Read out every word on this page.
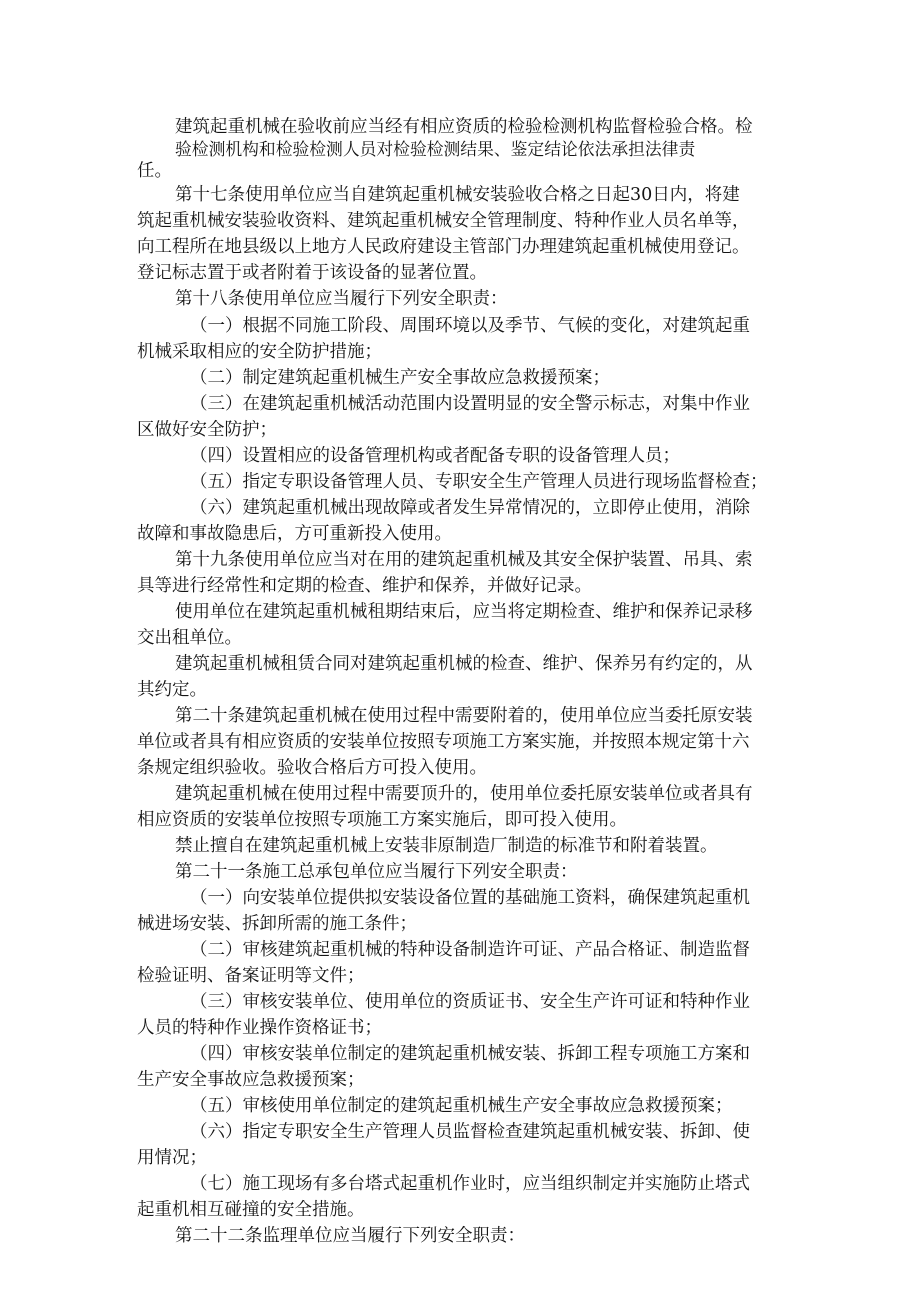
建筑起重机械在验收前应当经有相应资质的检验检测机构监督检验合格。检

验检测机构和检验检测人员对检验检测结果、鉴定结论依法承担法律责

任。

第十七条使用单位应当自建筑起重机械安装验收合格之日起30日内，将建

筑起重机械安装验收资料、建筑起重机械安全管理制度、特种作业人员名单等，

向工程所在地县级以上地方人民政府建设主管部门办理建筑起重机械使用登记。

登记标志置于或者附着于该设备的显著位置。

第十八条使用单位应当履行下列安全职责：

（一）根据不同施工阶段、周围环境以及季节、气候的变化，对建筑起重

机械采取相应的安全防护措施；

（二）制定建筑起重机械生产安全事故应急救援预案；

（三）在建筑起重机械活动范围内设置明显的安全警示标志，对集中作业

区做好安全防护；

（四）设置相应的设备管理机构或者配备专职的设备管理人员；

（五）指定专职设备管理人员、专职安全生产管理人员进行现场监督检查；

（六）建筑起重机械出现故障或者发生异常情况的，立即停止使用，消除

故障和事故隐患后，方可重新投入使用。

第十九条使用单位应当对在用的建筑起重机械及其安全保护装置、吊具、索

具等进行经常性和定期的检查、维护和保养，并做好记录。

使用单位在建筑起重机械租期结束后，应当将定期检查、维护和保养记录移

交出租单位。

建筑起重机械租赁合同对建筑起重机械的检查、维护、保养另有约定的，从

其约定。

第二十条建筑起重机械在使用过程中需要附着的，使用单位应当委托原安装

单位或者具有相应资质的安装单位按照专项施工方案实施，并按照本规定第十六

条规定组织验收。验收合格后方可投入使用。

建筑起重机械在使用过程中需要顶升的，使用单位委托原安装单位或者具有

相应资质的安装单位按照专项施工方案实施后，即可投入使用。

禁止擅自在建筑起重机械上安装非原制造厂制造的标准节和附着装置。

第二十一条施工总承包单位应当履行下列安全职责：

（一）向安装单位提供拟安装设备位置的基础施工资料，确保建筑起重机

械进场安装、拆卸所需的施工条件；

（二）审核建筑起重机械的特种设备制造许可证、产品合格证、制造监督

检验证明、备案证明等文件；

（三）审核安装单位、使用单位的资质证书、安全生产许可证和特种作业

人员的特种作业操作资格证书；

（四）审核安装单位制定的建筑起重机械安装、拆卸工程专项施工方案和

生产安全事故应急救援预案；

（五）审核使用单位制定的建筑起重机械生产安全事故应急救援预案；

（六）指定专职安全生产管理人员监督检查建筑起重机械安装、拆卸、使

用情况；

（七）施工现场有多台塔式起重机作业时，应当组织制定并实施防止塔式

起重机相互碰撞的安全措施。

第二十二条监理单位应当履行下列安全职责：
